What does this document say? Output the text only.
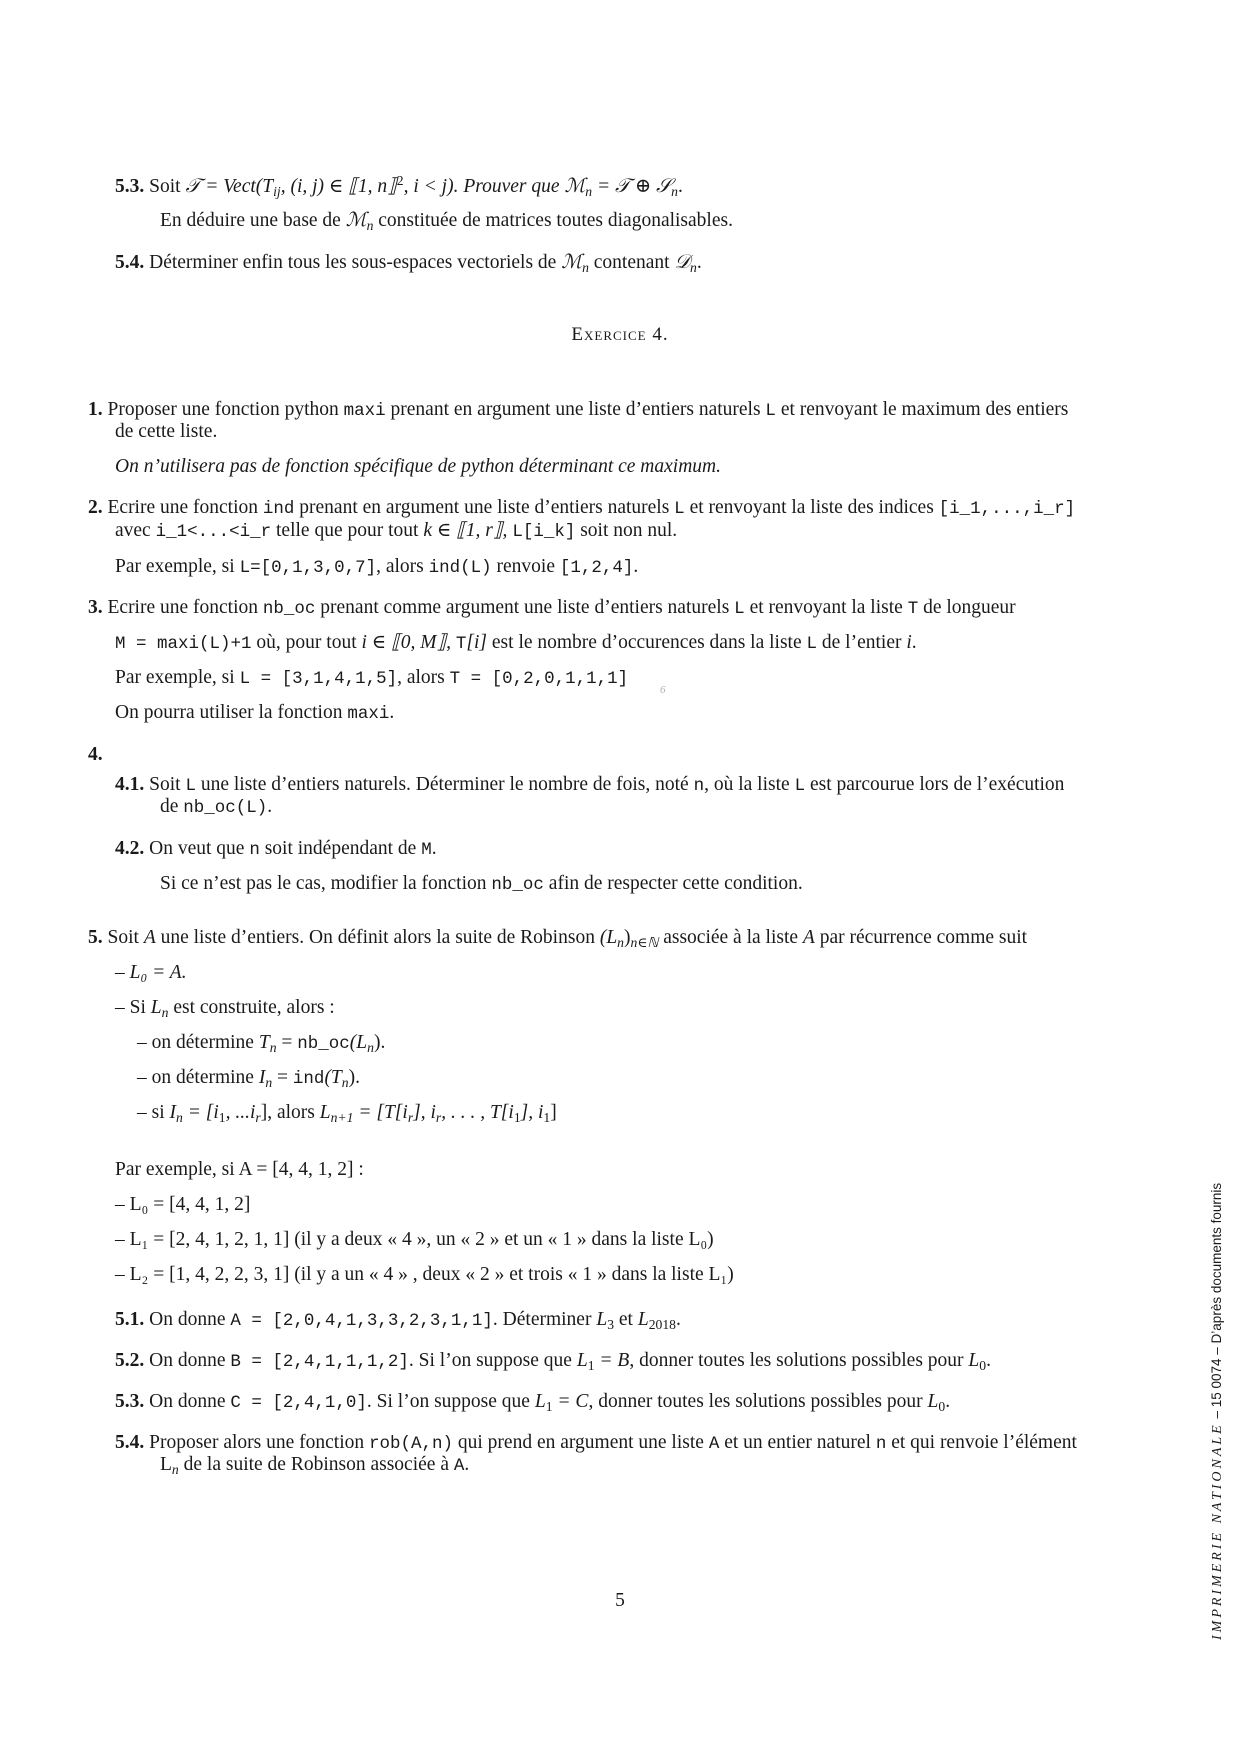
5.3. Soit 𝒯 = $Vect(T_{ij}$, (i, j) ∈ ⟦1, n⟧$^2$, i < j). Prouver que ℳ$_n$ = 𝒯 ⊕ 𝒮$_n$.
En déduire une base de ℳ$_n$ constituée de matrices toutes diagonalisables.
5.4. Déterminer enfin tous les sous-espaces vectoriels de ℳ$_n$ contenant 𝒟$_n$.
Exercice 4.
1. Proposer une fonction python maxi prenant en argument une liste d’entiers naturels L et renvoyant le maximum des entiers
de cette liste.
On n’utilisera pas de fonction spécifique de python déterminant ce maximum.
2. Ecrire une fonction ind prenant en argument une liste d’entiers naturels L et renvoyant la liste des indices [i_1,...,i_r]
avec i_1<...<i_r telle que pour tout k ∈ ⟦1, r⟧, L[i_k] soit non nul.
Par exemple, si L=[0,1,3,0,7], alors ind(L) renvoie [1,2,4].
3. Ecrire une fonction nb_oc prenant comme argument une liste d’entiers naturels L et renvoyant la liste T de longueur
M = maxi(L)+1 où, pour tout i ∈ ⟦0, M⟧, T[i] est le nombre d’occurences dans la liste L de l’entier i.
Par exemple, si L = [3,1,4,1,5], alors T = [0,2,0,1,1,1]
6
On pourra utiliser la fonction maxi.
4.
4.1. Soit L une liste d’entiers naturels. Déterminer le nombre de fois, noté n, où la liste L est parcourue lors de l’exécution
de nb_oc(L).
4.2. On veut que n soit indépendant de M.
Si ce n’est pas le cas, modifier la fonction nb_oc afin de respecter cette condition.
5. Soit A une liste d’entiers. On définit alors la suite de Robinson $(L_n)_{n\in ℕ}$ associée à la liste A par récurrence comme suit
– L₀ = A.
– Si $L_n$ est construite, alors :
– on détermine $T_n$ = $nb\_oc(L_n)$.
– on détermine $I_n = ind(T_n)$.
– si $I_n = [i_1$, $...i_r$], alors $L_{n+1} = [T[i_r]$, $i_r$, . . . , $T[i_1]$, $i_1$]
Par exemple, si A = [4, 4, 1, 2] :
– L₀ = [4, 4, 1, 2]
– L₁ = [2, 4, 1, 2, 1, 1] (il y a deux « 4 », un « 2 » et un « 1 » dans la liste L₀)
– L₂ = [1, 4, 2, 2, 3, 1] (il y a un « 4 » , deux « 2 » et trois « 1 » dans la liste L₁)
5.1. On donne A = [2,0,4,1,3,3,2,3,1,1]. Déterminer $L_3$ et $L_{2018}$.
5.2. On donne B = [2,4,1,1,1,2]. Si l’on suppose que $L_1 = B$, donner toutes les solutions possibles pour $L_0$.
5.3. On donne C = [2,4,1,0]. Si l’on suppose que $L_1 = C$, donner toutes les solutions possibles pour $L_0$.
5.4. Proposer alors une fonction rob(A,n) qui prend en argument une liste A et un entier naturel n et qui renvoie l’élément
$L_n$ de la suite de Robinson associée à A.
5	IMPRIMERIE NATIONALE – 15 0074 – D’après documents fournis
